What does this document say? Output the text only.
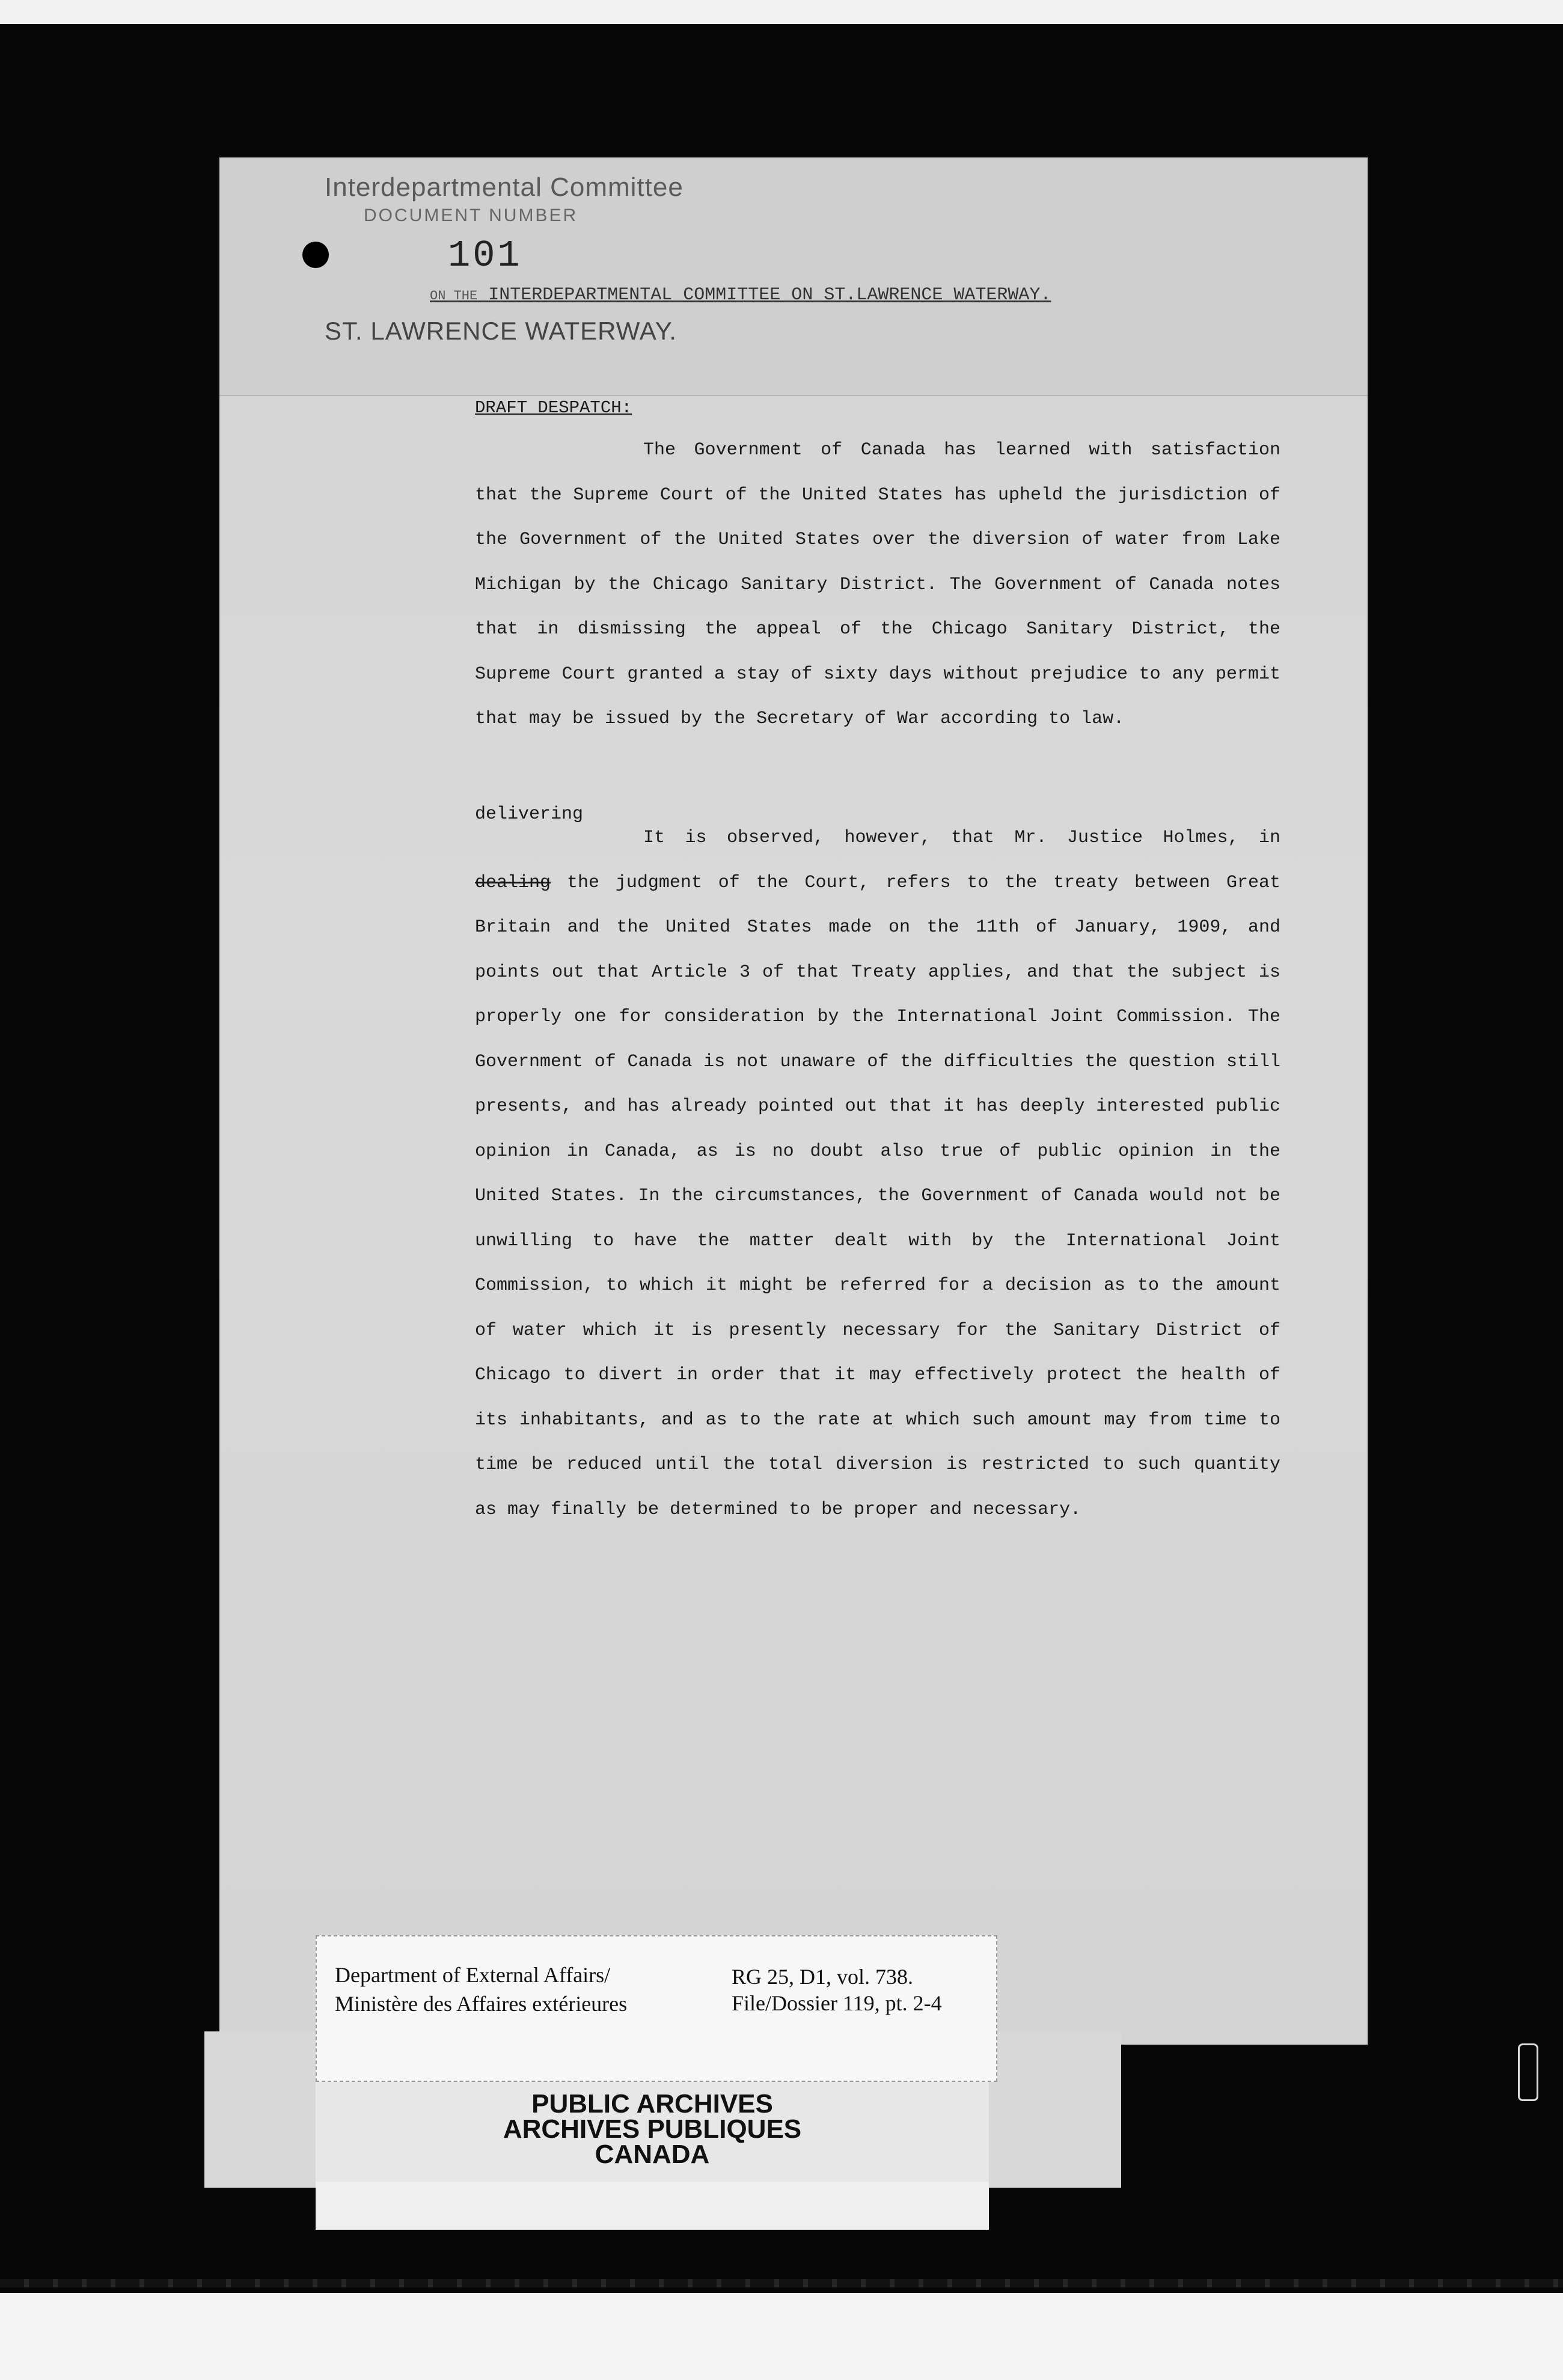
Interdepartmental Committee
DOCUMENT NUMBER
101
ON THE INTERDEPARTMENTAL COMMITTEE ON ST.LAWRENCE WATERWAY.
ST. LAWRENCE WATERWAY.
DRAFT DESPATCH:
The Government of Canada has learned with satisfaction that the Supreme Court of the United States has upheld the jurisdiction of the Government of the United States over the diversion of water from Lake Michigan by the Chicago Sanitary District. The Government of Canada notes that in dismissing the appeal of the Chicago Sanitary District, the Supreme Court granted a stay of sixty days without prejudice to any permit that may be issued by the Secretary of War according to law.
delivering
It is observed, however, that Mr. Justice Holmes, in dealing the judgment of the Court, refers to the treaty between Great Britain and the United States made on the 11th of January, 1909, and points out that Article 3 of that Treaty applies, and that the subject is properly one for consideration by the International Joint Commission. The Government of Canada is not unaware of the difficulties the question still presents, and has already pointed out that it has deeply interested public opinion in Canada, as is no doubt also true of public opinion in the United States. In the circumstances, the Government of Canada would not be unwilling to have the matter dealt with by the International Joint Commission, to which it might be referred for a decision as to the amount of water which it is presently necessary for the Sanitary District of Chicago to divert in order that it may effectively protect the health of its inhabitants, and as to the rate at which such amount may from time to time be reduced until the total diversion is restricted to such quantity as may finally be determined to be proper and necessary.
Department of External Affairs/
Ministère des Affaires extérieures
RG 25, D1, vol. 738.
File/Dossier 119, pt. 2-4
PUBLIC ARCHIVES
ARCHIVES PUBLIQUES
CANADA
